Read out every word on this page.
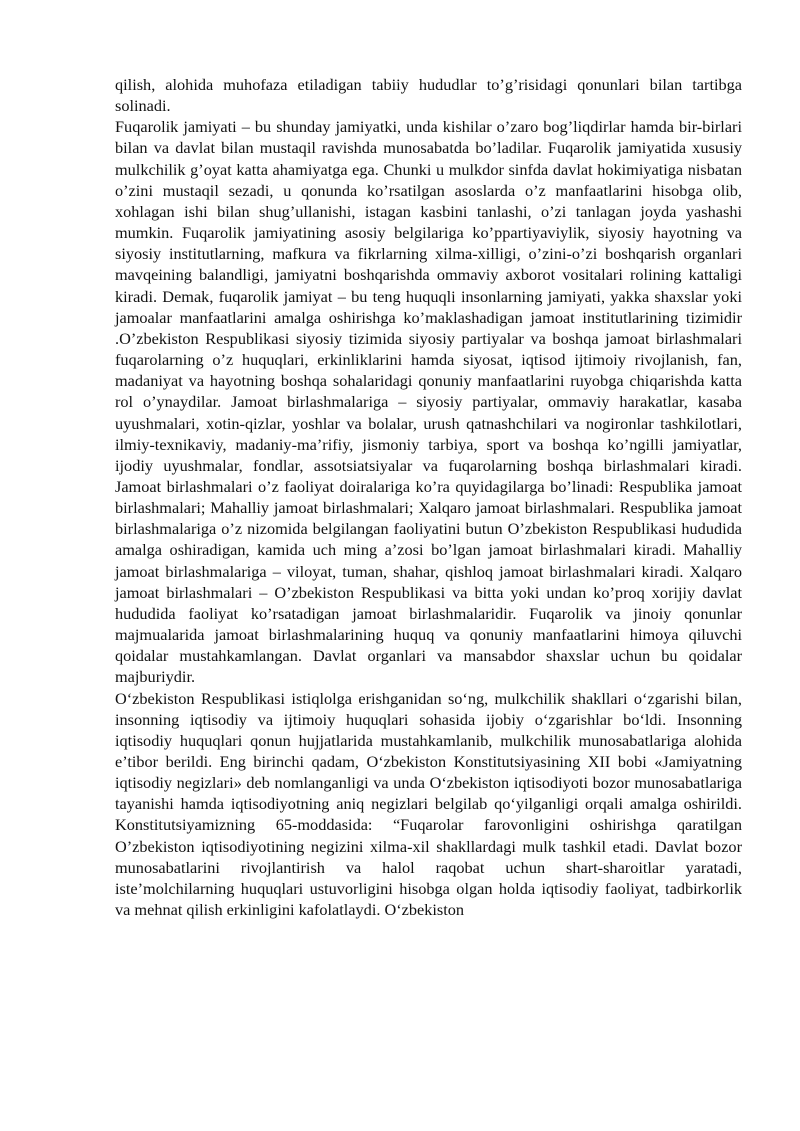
qilish, alohida muhofaza etiladigan tabiiy hududlar to’g’risidagi qonunlari bilan tartibga solinadi.

Fuqarolik jamiyati – bu shunday jamiyatki, unda kishilar o’zaro bog’liqdirlar hamda bir-birlari bilan va davlat bilan mustaqil ravishda munosabatda bo’ladilar. Fuqarolik jamiyatida xususiy mulkchilik g’oyat katta ahamiyatga ega. Chunki u mulkdor sinfda davlat hokimiyatiga nisbatan o’zini mustaqil sezadi, u qonunda ko’rsatilgan asoslarda o’z manfaatlarini hisobga olib, xohlagan ishi bilan shug’ullanishi, istagan kasbini tanlashi, o’zi tanlagan joyda yashashi mumkin. Fuqarolik jamiyatining asosiy belgilariga ko’ppartiyaviylik, siyosiy hayotning va siyosiy institutlarning, mafkura va fikrlarning xilma-xilligi, o’zini-o’zi boshqarish organlari mavqeining balandligi, jamiyatni boshqarishda ommaviy axborot vositalari rolining kattaligi kiradi. Demak, fuqarolik jamiyat – bu teng huquqli insonlarning jamiyati, yakka shaxslar yoki jamoalar manfaatlarini amalga oshirishga ko’maklashadigan jamoat institutlarining tizimidir .O’zbekiston Respublikasi siyosiy tizimida siyosiy partiyalar va boshqa jamoat birlashmalari fuqarolarning o’z huquqlari, erkinliklarini hamda siyosat, iqtisod ijtimoiy rivojlanish, fan, madaniyat va hayotning boshqa sohalaridagi qonuniy manfaatlarini ruyobga chiqarishda katta rol o’ynaydilar. Jamoat birlashmalariga – siyosiy partiyalar, ommaviy harakatlar, kasaba uyushmalari, xotin-qizlar, yoshlar va bolalar, urush qatnashchilari va nogironlar tashkilotlari, ilmiy-texnikaviy, madaniy-ma’rifiy, jismoniy tarbiya, sport va boshqa ko’ngilli jamiyatlar, ijodiy uyushmalar, fondlar, assotsiatsiyalar va fuqarolarning boshqa birlashmalari kiradi. Jamoat birlashmalari o’z faoliyat doiralariga ko’ra quyidagilarga bo’linadi: Respublika jamoat birlashmalari; Mahalliy jamoat birlashmalari; Xalqaro jamoat birlashmalari. Respublika jamoat birlashmalariga o’z nizomida belgilangan faoliyatini butun O’zbekiston Respublikasi hududida amalga oshiradigan, kamida uch ming a’zosi bo’lgan jamoat birlashmalari kiradi. Mahalliy jamoat birlashmalariga – viloyat, tuman, shahar, qishloq jamoat birlashmalari kiradi. Xalqaro jamoat birlashmalari – O’zbekiston Respublikasi va bitta yoki undan ko’proq xorijiy davlat hududida faoliyat ko’rsatadigan jamoat birlashmalaridir. Fuqarolik va jinoiy qonunlar majmualarida jamoat birlashmalarining huquq va qonuniy manfaatlarini himoya qiluvchi qoidalar mustahkamlangan. Davlat organlari va mansabdor shaxslar uchun bu qoidalar majburiydir.

O‘zbekiston Respublikasi istiqlolga erishganidan so‘ng, mulkchilik shakllari o‘zgarishi bilan, insonning iqtisodiy va ijtimoiy huquqlari sohasida ijobiy o‘zgarishlar bo‘ldi. Insonning iqtisodiy huquqlari qonun hujjatlarida mustahkamlanib, mulkchilik munosabatlariga alohida e’tibor berildi. Eng birinchi qadam, O‘zbekiston Konstitutsiyasining XII bobi «Jamiyatning iqtisodiy negizlari» deb nomlanganligi va unda O‘zbekiston iqtisodiyoti bozor munosabatlariga tayanishi hamda iqtisodiyotning aniq negizlari belgilab qo‘yilganligi orqali amalga oshirildi. Konstitutsiyamizning 65-moddasida: “Fuqarolar farovonligini oshirishga qaratilgan O’zbekiston iqtisodiyotining negizini xilma-xil shakllardagi mulk tashkil etadi. Davlat bozor munosabatlarini rivojlantirish va halol raqobat uchun shart-sharoitlar yaratadi, iste’molchilarning huquqlari ustuvorligini hisobga olgan holda iqtisodiy faoliyat, tadbirkorlik va mehnat qilish erkinligini kafolatlaydi. O‘zbekiston
